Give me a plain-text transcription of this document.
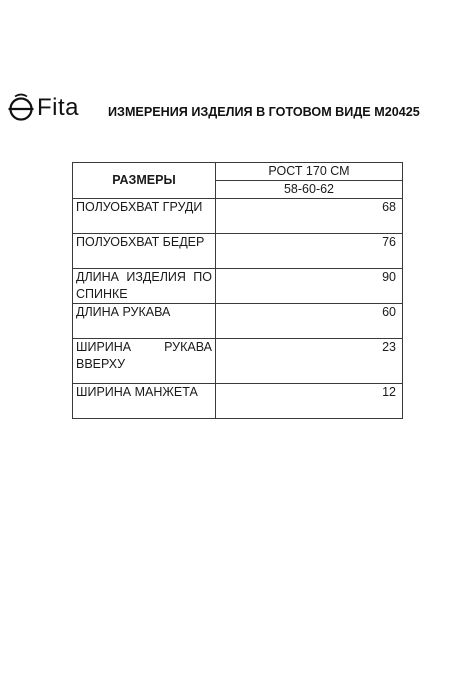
Fita ИЗМЕРЕНИЯ ИЗДЕЛИЯ В ГОТОВОМ ВИДЕ M20425
РАЗМЕРЫ	РОСТ 170 СМ
	58-60-62
ПОЛУОБХВАТ ГРУДИ	68
ПОЛУОБХВАТ БЕДЕР	76
ДЛИНА ИЗДЕЛИЯ ПО СПИНКЕ	90
ДЛИНА РУКАВА	60
ШИРИНА РУКАВА ВВЕРХУ	23
ШИРИНА МАНЖЕТА	12
